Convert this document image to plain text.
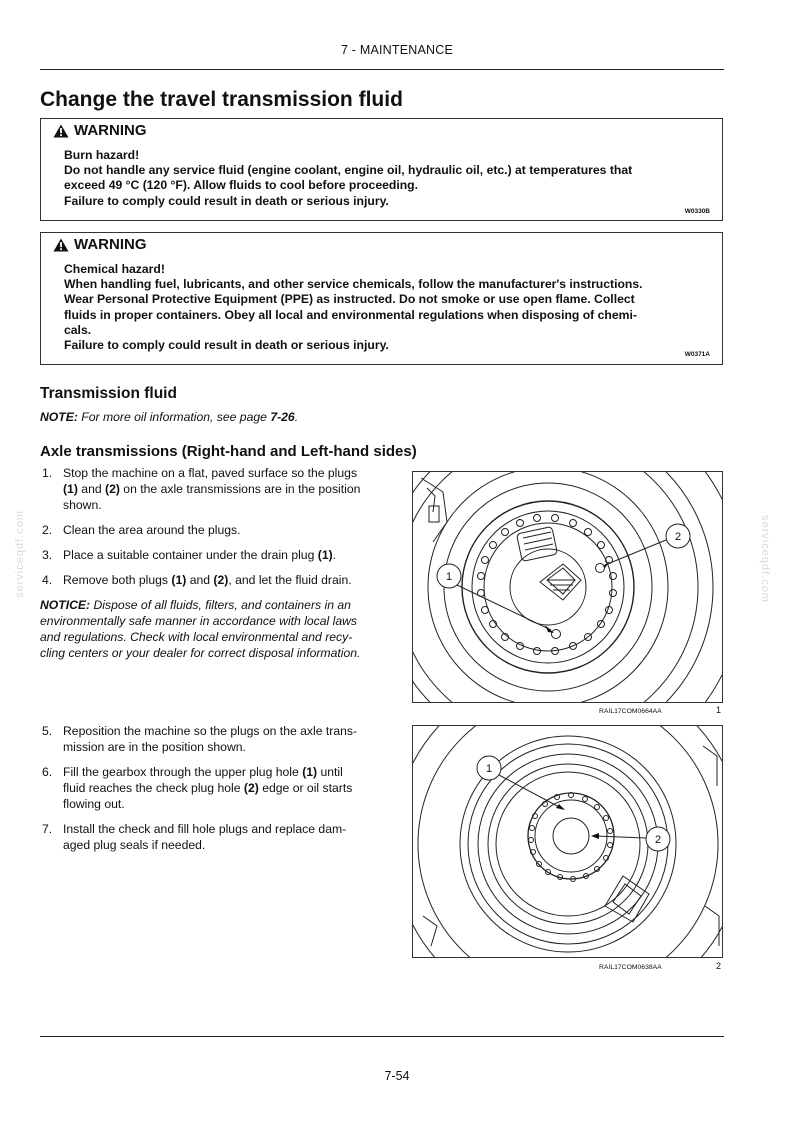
7 - MAINTENANCE
Change the travel transmission fluid
WARNING

Burn hazard!

Do not handle any service fluid (engine coolant, engine oil, hydraulic oil, etc.) at temperatures that

exceed 49 °C (120 °F). Allow fluids to cool before proceeding.

Failure to comply could result in death or serious injury.

W0330B
WARNING

Chemical hazard!

When handling fuel, lubricants, and other service chemicals, follow the manufacturer's instructions.

Wear Personal Protective Equipment (PPE) as instructed. Do not smoke or use open flame. Collect

fluids in proper containers. Obey all local and environmental regulations when disposing of chemi-

cals.

Failure to comply could result in death or serious injury.

W0371A
Transmission fluid
NOTE: For more oil information, see page 7-26.
Axle transmissions (Right-hand and Left-hand sides)
1. Stop the machine on a flat, paved surface so the plugs
(1) and (2) on the axle transmissions are in the position
shown.
2. Clean the area around the plugs.
3. Place a suitable container under the drain plug (1).
4. Remove both plugs (1) and (2), and let the fluid drain.
NOTICE: Dispose of all fluids, filters, and containers in an
environmentally safe manner in accordance with local laws
and regulations. Check with local environmental and recy-
cling centers or your dealer for correct disposal information.
5. Reposition the machine so the plugs on the axle trans-
mission are in the position shown.
6. Fill the gearbox through the upper plug hole (1) until
fluid reaches the check plug hole (2) edge or oil starts
flowing out.
7. Install the check and fill hole plugs and replace dam-
aged plug seals if needed.
1
2
RAIL17COM0664AA	1
1
2
RAIL17COM0638AA	2
serviceqdf.com	serviceqdf.com
7-54
